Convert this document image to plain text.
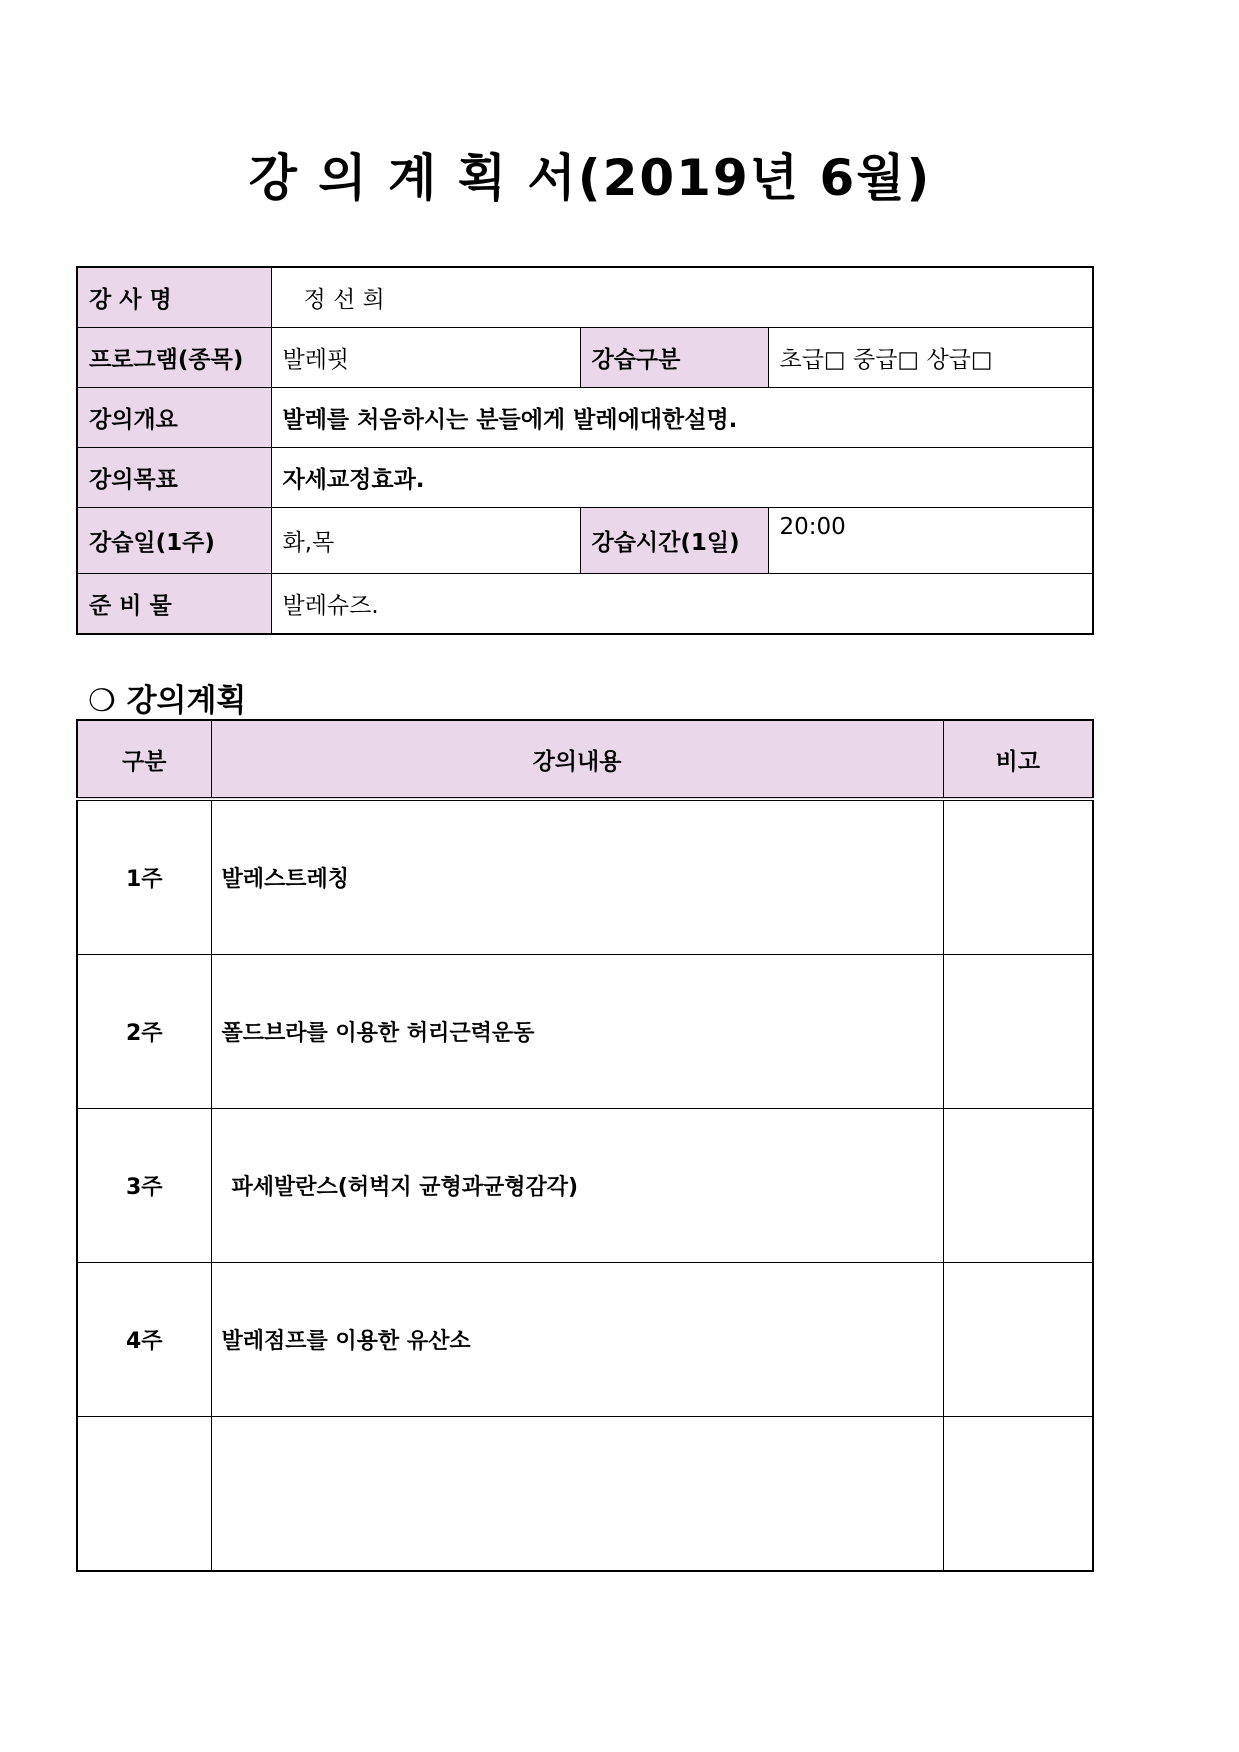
강 의 계 획 서(2019년 6월)
강 사 명	정 선 희		
프로그램(종목)	발레핏	강습구분	초급□ 중급□ 상급□
강의개요	발레를 처음하시는 분들에게 발레에대한설명.		
강의목표	자세교정효과.		
강습일(1주)	화,목	강습시간(1일)	20:00
준 비 물	발레슈즈.		
❍ 강의계획
구분	강의내용	비고
1주	발레스트레칭	
2주	폴드브라를 이용한 허리근력운동	
3주	파세발란스(허벅지 균형과균형감각)	
4주	발레점프를 이용한 유산소	
